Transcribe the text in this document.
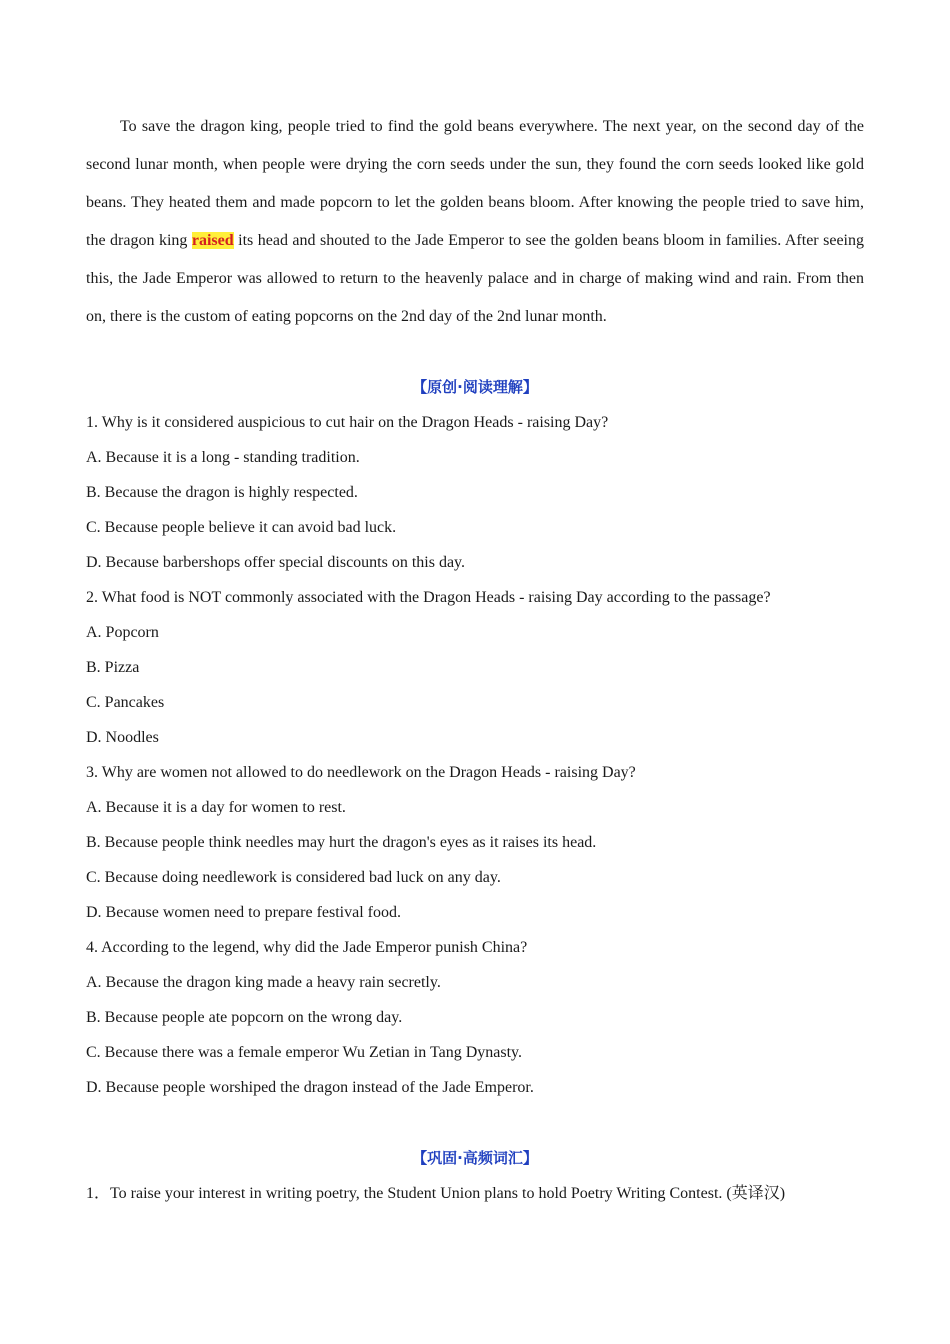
To save the dragon king, people tried to find the gold beans everywhere. The next year, on the second day of the second lunar month, when people were drying the corn seeds under the sun, they found the corn seeds looked like gold beans. They heated them and made popcorn to let the golden beans bloom. After knowing the people tried to save him, the dragon king raised its head and shouted to the Jade Emperor to see the golden beans bloom in families. After seeing this, the Jade Emperor was allowed to return to the heavenly palace and in charge of making wind and rain. From then on, there is the custom of eating popcorns on the 2nd day of the 2nd lunar month.

【原创·阅读理解】
1. Why is it considered auspicious to cut hair on the Dragon Heads - raising Day?
A. Because it is a long - standing tradition.
B. Because the dragon is highly respected.
C. Because people believe it can avoid bad luck.
D. Because barbershops offer special discounts on this day.
2. What food is NOT commonly associated with the Dragon Heads - raising Day according to the passage?
A. Popcorn
B. Pizza
C. Pancakes
D. Noodles
3. Why are women not allowed to do needlework on the Dragon Heads - raising Day?
A. Because it is a day for women to rest.
B. Because people think needles may hurt the dragon's eyes as it raises its head.
C. Because doing needlework is considered bad luck on any day.
D. Because women need to prepare festival food.
4. According to the legend, why did the Jade Emperor punish China?
A. Because the dragon king made a heavy rain secretly.
B. Because people ate popcorn on the wrong day.
C. Because there was a female emperor Wu Zetian in Tang Dynasty.
D. Because people worshiped the dragon instead of the Jade Emperor.
【巩固·高频词汇】
1．To raise your interest in writing poetry, the Student Union plans to hold Poetry Writing Contest. (英译汉)
